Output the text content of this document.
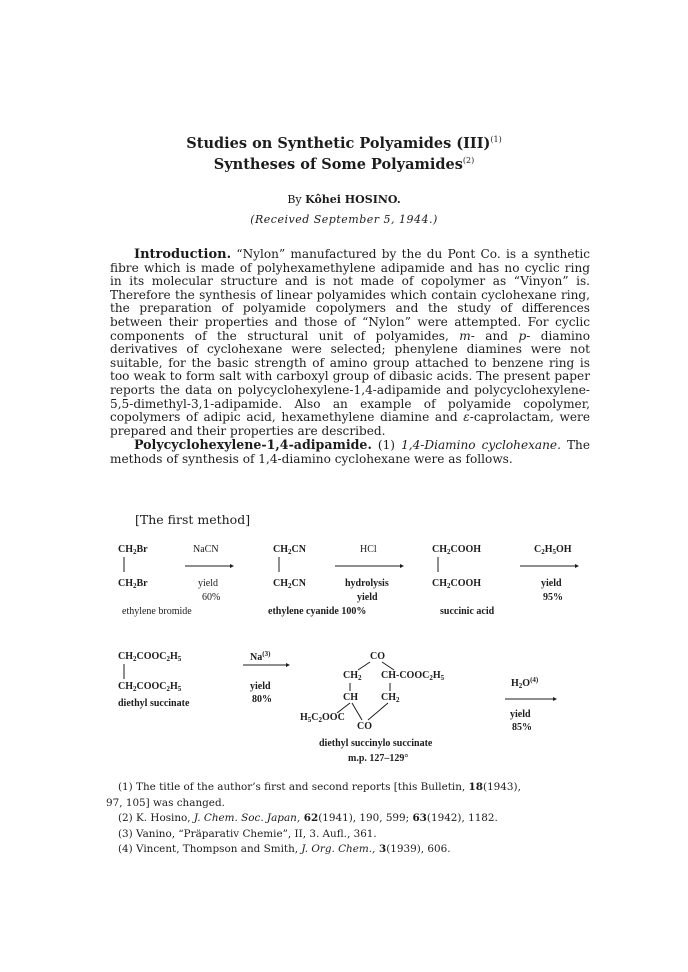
Studies on Synthetic Polyamides (III)$^{(1)}$
Syntheses of Some Polyamides$^{(2)}$
By Kôhei HOSINO.
(Received September 5, 1944.)

Introduction. “Nylon” manufactured by the du Pont Co. is a synthetic fibre which is made of polyhexamethylene adipamide and has no cyclic ring in its molecular structure and is not made of copolymer as “Vinyon” is. Therefore the synthesis of linear polyamides which contain cyclohexane ring, the preparation of polyamide copolymers and the study of differences between their properties and those of “Nylon” were attempted. For cyclic components of the structural unit of polyamides, m- and p- diamino derivatives of cyclohexane were selected; phenylene diamines were not suitable, for the basic strength of amino group attached to benzene ring is too weak to form salt with carboxyl group of dibasic acids. The present paper reports the data on polycyclohexylene-1,4-adipamide and polycyclohexylene-5,5-dimethyl-3,1-adipamide. Also an example of polyamide copolymer, copolymers of adipic acid, hexamethylene diamine and ε-caprolactam, were prepared and their properties are described.

Polycyclohexylene-1,4-adipamide. (1) 1,4-Diamino cyclohexane. The methods of synthesis of 1,4-diamino cyclohexane were as follows.

[The first method]
$CH_2Br$
$CH_2Br$
NaCN
yield
60%
ethylene bromide
$CH_2CN$
$CH_2CN$
ethylene cyanide 100%
HCl
hydrolysis
yield
$CH_2COOH$
$CH_2COOH$
succinic acid
$C_2H_5OH$
yield
95%
$CH_2COOC_2H_5$
$CH_2COOC_2H_5$
diethyl succinate
Na$^{(3)}$
yield
80%
CO
$CH_2$ $CH-COOC_2H_5$
CH $CH_2$
$H_5C_2OOC$
CO
diethyl succinylo succinate
m.p. 127–129°
$H_2O^{(4)}$
yield
85%
(1) The title of the author’s first and second reports [this Bulletin, 18(1943),
97, 105] was changed.
(2) K. Hosino, J. Chem. Soc. Japan, 62(1941), 190, 599; 63(1942), 1182.
(3) Vanino, “Präparativ Chemie”, II, 3. Aufl., 361.
(4) Vincent, Thompson and Smith, J. Org. Chem., 3(1939), 606.
